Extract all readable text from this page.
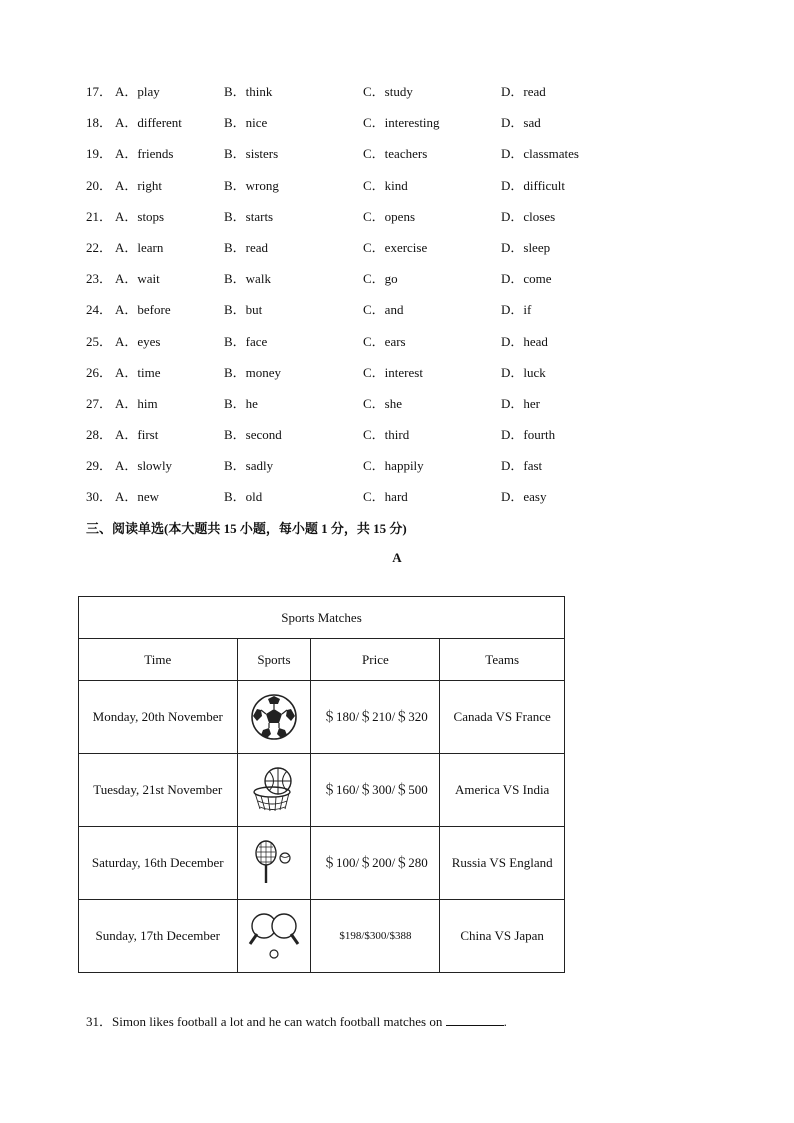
17． A．play	B．think	C．study	D．read
18． A．different	B．nice	C．interesting	D．sad
19． A．friends	B．sisters	C．teachers	D．classmates
20． A．right	B．wrong	C．kind	D．difficult
21． A．stops	B．starts	C．opens	D．closes
22． A．learn	B．read	C．exercise	D．sleep
23． A．wait	B．walk	C．go	D．come
24． A．before	B．but	C．and	D．if
25． A．eyes	B．face	C．ears	D．head
26． A．time	B．money	C．interest	D．luck
27． A．him	B．he	C．she	D．her
28． A．first	B．second	C．third	D．fourth
29． A．slowly	B．sadly	C．happily	D．fast
30． A．new	B．old	C．hard	D．easy
三、阅读单选(本大题共 15 小题，每小题 1 分，共 15 分)
A
Sports Matches			
Time	Sports	Price	Teams
Monday, 20th November		＄180/＄210/＄320	Canada VS France
Tuesday, 21st November		＄160/＄300/＄500	America VS India
Saturday, 16th December		＄100/＄200/＄280	Russia VS England
Sunday, 17th December		$198/$300/$388	China VS Japan
31．Simon likes football a lot and he can watch football matches on	.
